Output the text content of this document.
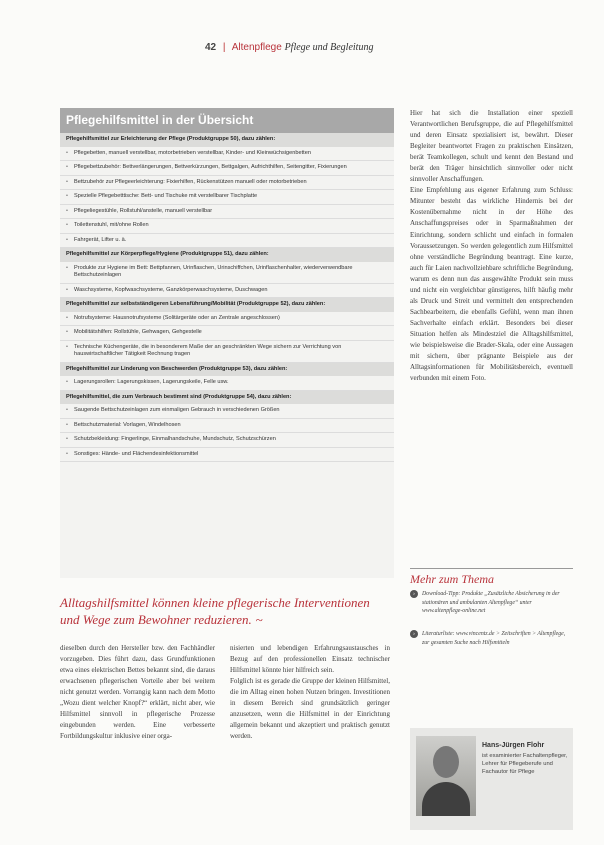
42 | Altenpflege Pflege und Begleitung
Pflegehilfsmittel in der Übersicht
Pflegehilfsmittel zur Erleichterung der Pflege (Produktgruppe 50), dazu zählen:
• Pflegebetten, manuell verstellbar, motorbetrieben verstellbar, Kinder- und Kleinwüchsigenbetten
• Pflegebettzubehör: Bettverlängerungen, Bettverkürzungen, Bettgalgen, Aufrichthilfen, Seitengitter, Fixierungen
• Bettzubehör zur Pflegeerleichterung: Fixierhilfen, Rückenstützen manuell oder motorbetrieben
• Spezielle Pflegebetttische: Bett- und Tischuke mit verstellbarer Tischplatte
• Pflegeliegestühle, Rollstuhl/anstelle, manuell verstellbar
• Toilettenstuhl, mit/ohne Rollen
• Fahrgerät, Lifter u. ä.
Pflegehilfsmittel zur Körperpflege/Hygiene (Produktgruppe 51), dazu zählen:
• Produkte zur Hygiene im Bett: Bettpfannen, Urinflaschen, Urinschiffchen, Urinflaschenhalter, wiederverwendbare Bettschutzeinlagen
• Waschsysteme, Kopfwaschsysteme, Ganzkörperwaschsysteme, Duschwagen
Pflegehilfsmittel zur selbstständigeren Lebensführung/Mobilität (Produktgruppe 52), dazu zählen:
• Notrufsysteme: Hausnotrufsysteme (Solitärgeräte oder an Zentrale angeschlossen)
• Mobilitätshilfen: Rollstühle, Gehwagen, Gehgestelle
• Technische Küchengeräte, die in besonderem Maße der an geschränkten Wege sichern zur Verrichtung von hauswirtschaftlicher Tätigkeit Rechnung tragen
Pflegehilfsmittel zur Linderung von Beschwerden (Produktgruppe 53), dazu zählen:
• Lagerungsrollen: Lagerungskissen, Lagerungskeile, Felle usw.
Pflegehilfsmittel, die zum Verbrauch bestimmt sind (Produktgruppe 54), dazu zählen:
• Saugende Bettschutzeinlagen zum einmaligen Gebrauch in verschiedenen Größen
• Bettschutzmaterial: Vorlagen, Windelhosen
• Schutzbekleidung: Fingerlinge, Einmalhandschuhe, Mundschutz, Schutzschürzen
• Sonstiges: Hände- und Flächendesinfektionsmittel
Alltagshilfsmittel können kleine pflegerische Interventionen und Wege zum Bewohner reduzieren. ~
dieselben durch den Hersteller bzw. den Fachhändler vorzugeben. Dies führt dazu, dass Grundfunktionen etwa eines elektrischen Bettes bekannt sind, die daraus erwachsenen pflegerischen Vorteile aber bei weitem nicht genutzt werden. Vorrangig kann nach dem Motto „Wozu dient welcher Knopf?“ erklärt, nicht aber, wie Hilfsmittel sinnvoll in pflegerische Prozesse eingebunden werden. Eine verbesserte Fortbildungskultur inklusive einer orga-
nisierten und lebendigen Erfahrungsaustausches in Bezug auf den professionellen Einsatz technischer Hilfsmittel könnte hier hilfreich sein.
Folglich ist es gerade die Gruppe der kleinen Hilfsmittel, die im Alltag einen hohen Nutzen bringen. Investitionen in diesem Bereich sind grundsätzlich geringer anzusetzen, wenn die Hilfsmittel in der Einrichtung allgemein bekannt und akzeptiert und praktisch genutzt werden.
Hier hat sich die Installation einer speziell Verantwortlichen Berufsgruppe, die auf Pflegehilfsmittel und deren Einsatz spezialisiert ist, bewährt. Dieser Begleiter beantwortet Fragen zu praktischen Einsätzen, berät Teamkollegen, schult und kennt den Bestand und berät den Träger hinsichtlich sinnvoller oder nicht sinnvoller Anschaffungen.
Eine Empfehlung aus eigener Erfahrung zum Schluss: Mitunter besteht das wirkliche Hindernis bei der Kostenübernahme nicht in der Höhe des Anschaffungspreises oder in Sparmaßnahmen der Einrichtung, sondern schlicht und einfach in formalen Voraussetzungen. So werden gelegentlich zum Hilfsmittel ohne verständliche Begründung beantragt. Eine kurze, auch für Laien nachvollziehbare schriftliche Begründung, warum es denn nun das ausgewählte Produkt sein muss und nicht ein vergleichbar günstigeres, hilft häufig mehr als Druck und Streit und vermittelt den entsprechenden Sachbearbeitern, die ebenfalls Gefühl, wenn man ihnen Sachverhalte einfach erklärt. Besonders bei dieser Situation helfen als Mindestziel die Alltagshilfsmittel, wie beispielsweise die Brader-Skala, oder eine Aussagen mit sichern, über prägnante Beispiele aus der Alltagsinformationen für Mobilitätsbereich, eventuell verbunden mit einem Foto.
Mehr zum Thema
›	Download-Tipp: Produkte „Zusätzliche Absicherung in der stationären und ambulanten Altenpflege“ unter www.altenpflege-online.net
›	Literaturliste: www.vincentz.de > Zeitschriften > Altenpflege, zur gesamten Suche nach Hilfsmitteln
Hans-Jürgen Flohr
ist examinierter Fachaltenpfleger, Lehrer für Pflegeberufe und Fachautor für Pflege
